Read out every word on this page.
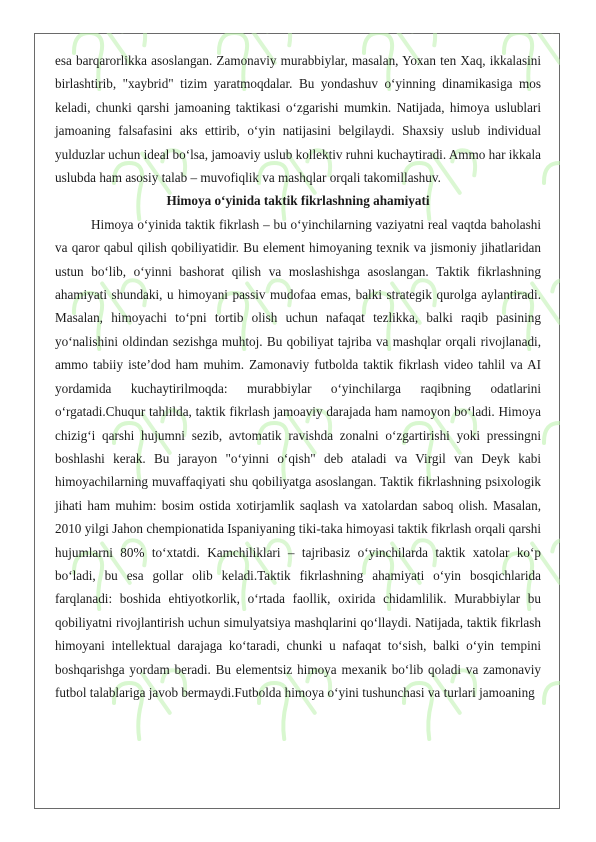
esa barqarorlikka asoslangan. Zamonaviy murabbiylar, masalan, Yoxan ten Xaq, ikkalasini birlashtirib, "xaybrid" tizim yaratmoqdalar. Bu yondashuv o‘yinning dinamikasiga mos keladi, chunki qarshi jamoaning taktikasi o‘zgarishi mumkin. Natijada, himoya uslublari jamoaning falsafasini aks ettirib, o‘yin natijasini belgilaydi. Shaxsiy uslub individual yulduzlar uchun ideal bo‘lsa, jamoaviy uslub kollektiv ruhni kuchaytiradi. Ammo har ikkala uslubda ham asosiy talab – muvofiqlik va mashqlar orqali takomillashuv.

Himoya o‘yinida taktik fikrlashning ahamiyati

Himoya o‘yinida taktik fikrlash – bu o‘yinchilarning vaziyatni real vaqtda baholashi va qaror qabul qilish qobiliyatidir. Bu element himoyaning texnik va jismoniy jihatlaridan ustun bo‘lib, o‘yinni bashorat qilish va moslashishga asoslangan. Taktik fikrlashning ahamiyati shundaki, u himoyani passiv mudofaa emas, balki strategik qurolga aylantiradi. Masalan, himoyachi to‘pni tortib olish uchun nafaqat tezlikka, balki raqib pasining yo‘nalishini oldindan sezishga muhtoj. Bu qobiliyat tajriba va mashqlar orqali rivojlanadi, ammo tabiiy iste’dod ham muhim. Zamonaviy futbolda taktik fikrlash video tahlil va AI yordamida kuchaytirilmoqda: murabbiylar o‘yinchilarga raqibning odatlarini o‘rgatadi.Chuqur tahlilda, taktik fikrlash jamoaviy darajada ham namoyon bo‘ladi. Himoya chizig‘i qarshi hujumni sezib, avtomatik ravishda zonalni o‘zgartirishi yoki pressingni boshlashi kerak. Bu jarayon "o‘yinni o‘qish" deb ataladi va Virgil van Deyk kabi himoyachilarning muvaffaqiyati shu qobiliyatga asoslangan. Taktik fikrlashning psixologik jihati ham muhim: bosim ostida xotirjamlik saqlash va xatolardan saboq olish. Masalan, 2010 yilgi Jahon chempionatida Ispaniyaning tiki-taka himoyasi taktik fikrlash orqali qarshi hujumlarni 80% to‘xtatdi. Kamchiliklari – tajribasiz o‘yinchilarda taktik xatolar ko‘p bo‘ladi, bu esa gollar olib keladi.Taktik fikrlashning ahamiyati o‘yin bosqichlarida farqlanadi: boshida ehtiyotkorlik, o‘rtada faollik, oxirida chidamlilik. Murabbiylar bu qobiliyatni rivojlantirish uchun simulyatsiya mashqlarini qo‘llaydi. Natijada, taktik fikrlash himoyani intellektual darajaga ko‘taradi, chunki u nafaqat to‘sish, balki o‘yin tempini boshqarishga yordam beradi. Bu elementsiz himoya mexanik bo‘lib qoladi va zamonaviy futbol talablariga javob bermaydi.Futbolda himoya o‘yini tushunchasi va turlari jamoaning
